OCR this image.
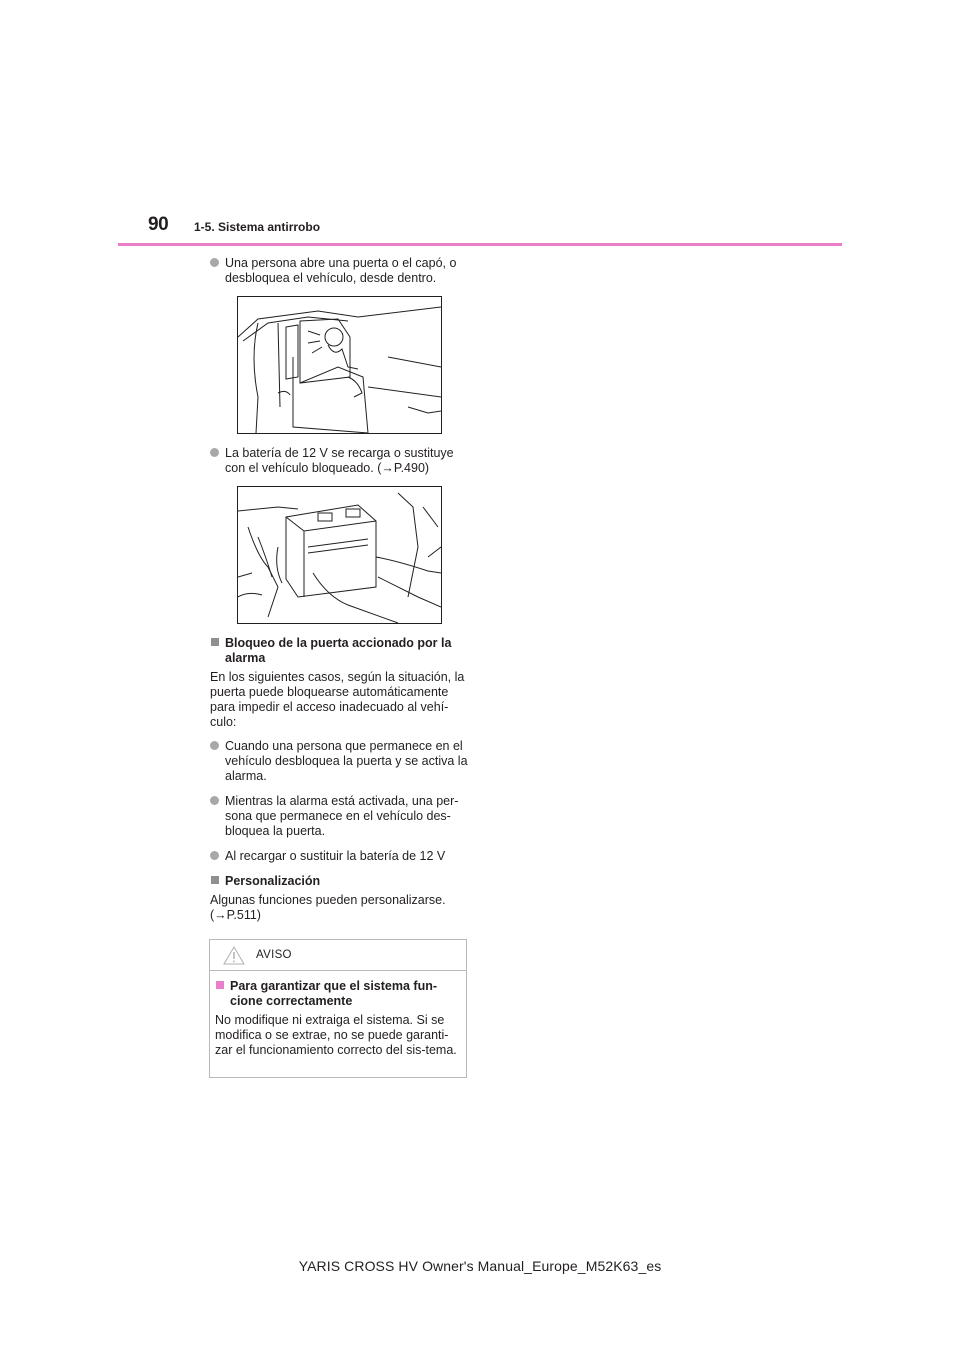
90 1-5. Sistema antirrobo

Una persona abre una puerta o el capó, o desbloquea el vehículo, desde dentro.

La batería de 12 V se recarga o sustituye con el vehículo bloqueado. (→P.490)

Bloqueo de la puerta accionado por la alarma

En los siguientes casos, según la situación, la puerta puede bloquearse automáticamente para impedir el acceso inadecuado al vehí-culo:

Cuando una persona que permanece en el vehículo desbloquea la puerta y se activa la alarma.

Mientras la alarma está activada, una per-sona que permanece en el vehículo des-bloquea la puerta.

Al recargar o sustituir la batería de 12 V

Personalización

Algunas funciones pueden personalizarse. (→P.511)

AVISO

Para garantizar que el sistema fun-cione correctamente

No modifique ni extraiga el sistema. Si se modifica o se extrae, no se puede garanti-zar el funcionamiento correcto del sis-tema.

YARIS CROSS HV Owner's Manual_Europe_M52K63_es
